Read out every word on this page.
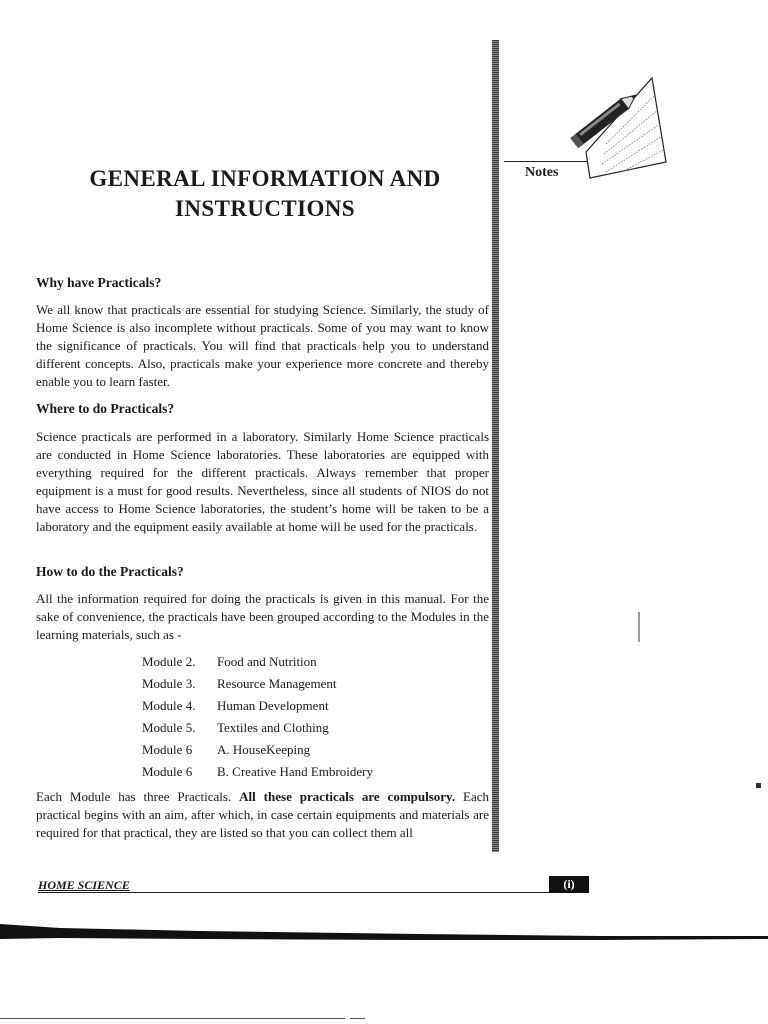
GENERAL INFORMATION AND
INSTRUCTIONS
Notes
Why have Practicals?

We all know that practicals are essential for studying Science. Similarly, the study of Home Science is also incomplete without practicals. Some of you may want to know the significance of practicals. You will find that practicals help you to understand different concepts. Also, practicals make your experience more concrete and thereby enable you to learn faster.

Where to do Practicals?

Science practicals are performed in a laboratory. Similarly Home Science practicals are conducted in Home Science laboratories. These laboratories are equipped with everything required for the different practicals. Always remember that proper equipment is a must for good results. Nevertheless, since all students of NIOS do not have access to Home Science laboratories, the student’s home will be taken to be a laboratory and the equipment easily available at home will be used for the practicals.

How to do the Practicals?

All the information required for doing the practicals is given in this manual. For the sake of convenience, the practicals have been grouped according to the Modules in the learning materials, such as -

Module 2.	Food and Nutrition
Module 3.	Resource Management
Module 4.	Human Development
Module 5.	Textiles and Clothing
Module 6	A. HouseKeeping
Module 6	B. Creative Hand Embroidery

Each Module has three Practicals. All these practicals are compulsory. Each practical begins with an aim, after which, in case certain equipments and materials are required for that practical, they are listed so that you can collect them all

HOME SCIENCE	(i)
